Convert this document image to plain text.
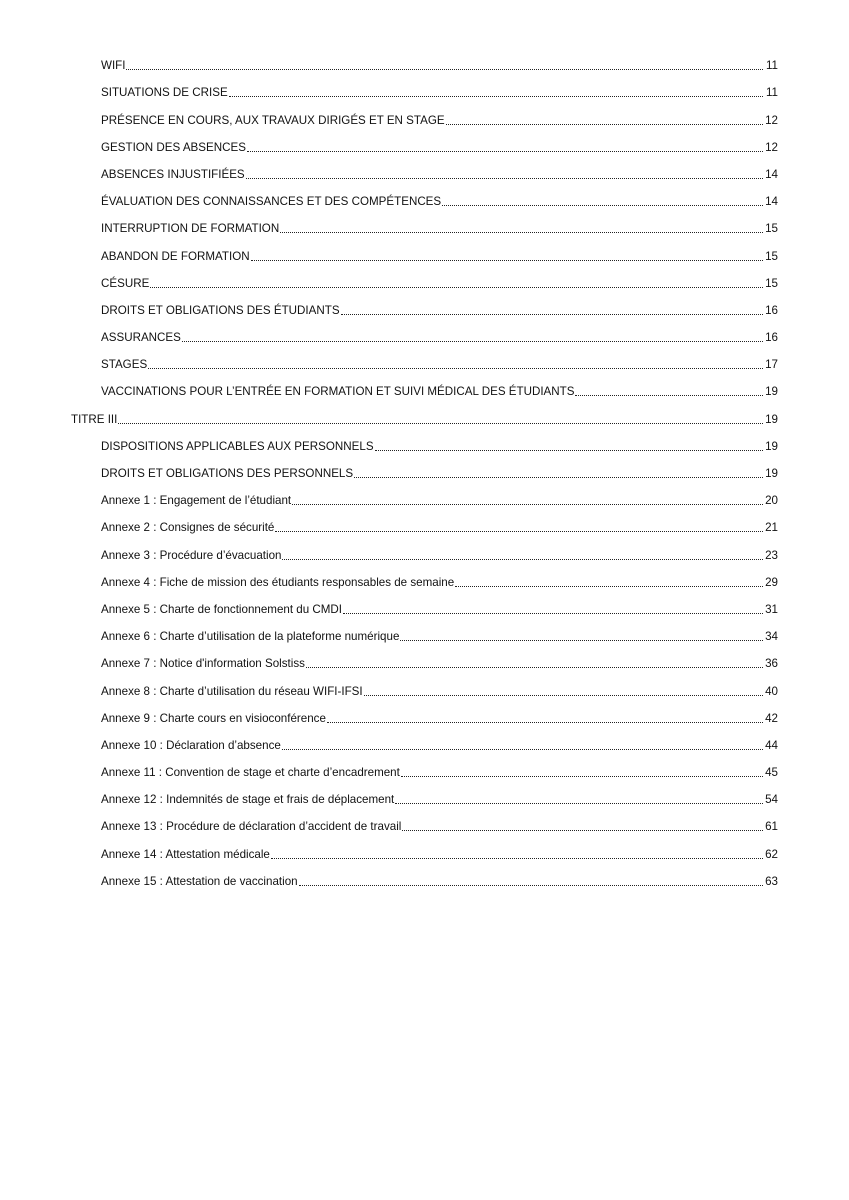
WIFI	11
SITUATIONS DE CRISE	11
PRÉSENCE EN COURS, AUX TRAVAUX DIRIGÉS ET EN STAGE	12
GESTION DES ABSENCES	12
ABSENCES INJUSTIFIÉES	14
ÉVALUATION DES CONNAISSANCES ET DES COMPÉTENCES	14
INTERRUPTION DE FORMATION	15
ABANDON DE FORMATION	15
CÉSURE	15
DROITS ET OBLIGATIONS DES ÉTUDIANTS	16
ASSURANCES	16
STAGES	17
VACCINATIONS POUR L’ENTRÉE EN FORMATION ET SUIVI MÉDICAL DES ÉTUDIANTS	19
TITRE III	19
DISPOSITIONS APPLICABLES AUX PERSONNELS	19
DROITS ET OBLIGATIONS DES PERSONNELS	19
Annexe 1 : Engagement de l’étudiant	20
Annexe 2 : Consignes de sécurité	21
Annexe 3 : Procédure d’évacuation	23
Annexe 4 : Fiche de mission des étudiants responsables de semaine	29
Annexe 5 : Charte de fonctionnement du CMDI	31
Annexe 6 : Charte d’utilisation de la plateforme numérique	34
Annexe 7 : Notice d'information Solstiss	36
Annexe 8 : Charte d’utilisation du réseau WIFI-IFSI	40
Annexe 9 : Charte cours en visioconférence	42
Annexe 10 : Déclaration d’absence	44
Annexe 11 : Convention de stage et charte d’encadrement	45
Annexe 12 : Indemnités de stage et frais de déplacement	54
Annexe 13 : Procédure de déclaration d’accident de travail	61
Annexe 14 : Attestation médicale	62
Annexe 15 : Attestation de vaccination	63
